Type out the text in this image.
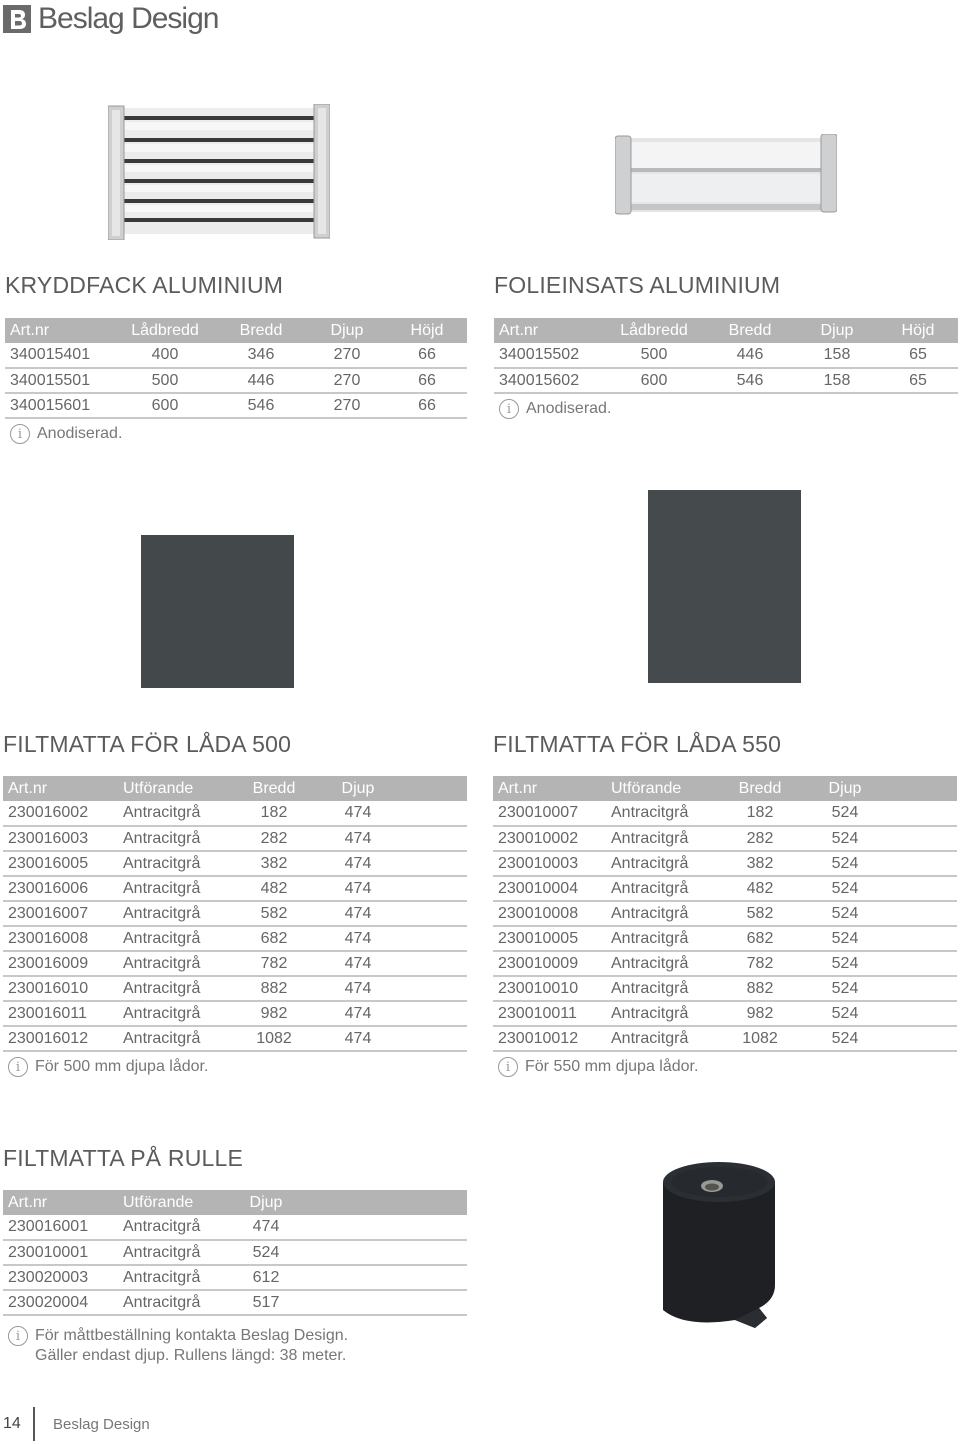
Beslag Design
KRYDDFACK ALUMINIUM
Art.nr	Lådbredd	Bredd	Djup	Höjd
340015401	400	346	270	66
340015501	500	446	270	66
340015601	600	546	270	66
i Anodiserad.
FOLIEINSATS ALUMINIUM
Art.nr	Lådbredd	Bredd	Djup	Höjd
340015502	500	446	158	65
340015602	600	546	158	65
i Anodiserad.
FILTMATTA FÖR LÅDA 500
Art.nr	Utförande	Bredd	Djup	
230016002	Antracitgrå	182	474	
230016003	Antracitgrå	282	474	
230016005	Antracitgrå	382	474	
230016006	Antracitgrå	482	474	
230016007	Antracitgrå	582	474	
230016008	Antracitgrå	682	474	
230016009	Antracitgrå	782	474	
230016010	Antracitgrå	882	474	
230016011	Antracitgrå	982	474	
230016012	Antracitgrå	1082	474	
i För 500 mm djupa lådor.
FILTMATTA FÖR LÅDA 550
Art.nr	Utförande	Bredd	Djup	
230010007	Antracitgrå	182	524	
230010002	Antracitgrå	282	524	
230010003	Antracitgrå	382	524	
230010004	Antracitgrå	482	524	
230010008	Antracitgrå	582	524	
230010005	Antracitgrå	682	524	
230010009	Antracitgrå	782	524	
230010010	Antracitgrå	882	524	
230010011	Antracitgrå	982	524	
230010012	Antracitgrå	1082	524	
i För 550 mm djupa lådor.
FILTMATTA PÅ RULLE
Art.nr	Utförande	Djup	
230016001	Antracitgrå	474	
230010001	Antracitgrå	524	
230020003	Antracitgrå	612	
230020004	Antracitgrå	517	
i För måttbeställning kontakta Beslag Design.
Gäller endast djup. Rullens längd: 38 meter.
14	Beslag Design
